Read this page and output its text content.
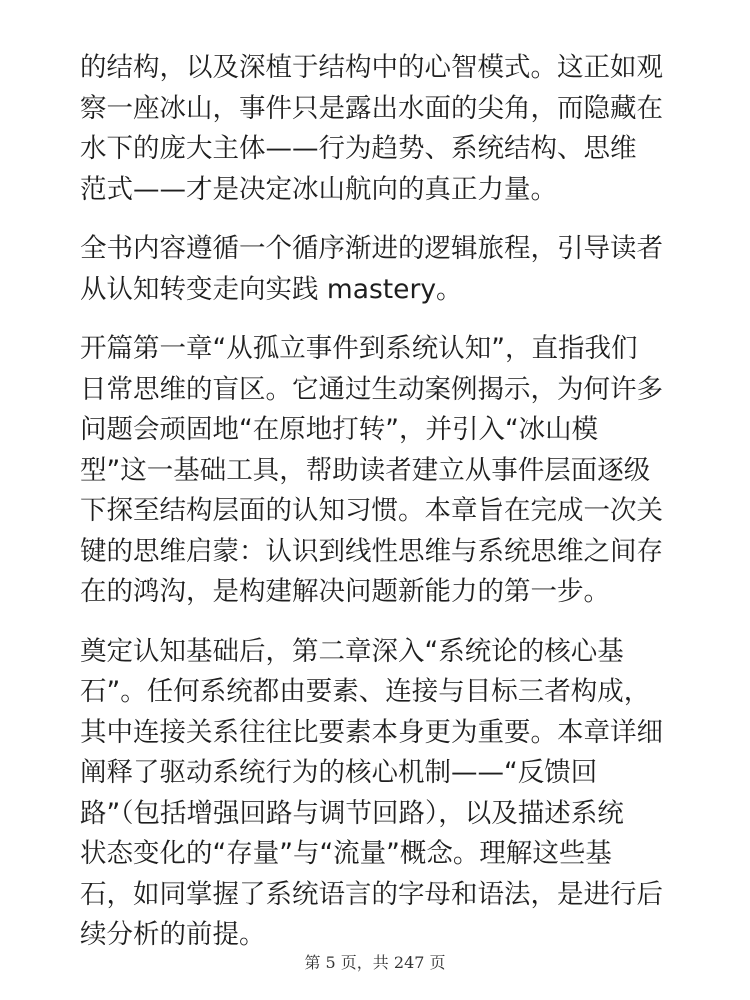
的结构，以及深植于结构中的心智模式。这正如观
察一座冰山，事件只是露出水面的尖角，而隐藏在
水下的庞大主体——行为趋势、系统结构、思维
范式——才是决定冰山航向的真正力量。

全书内容遵循一个循序渐进的逻辑旅程，引导读者
从认知转变走向实践 mastery。

开篇第一章“从孤立事件到系统认知”，直指我们
日常思维的盲区。它通过生动案例揭示，为何许多
问题会顽固地“在原地打转”，并引入“冰山模
型”这一基础工具，帮助读者建立从事件层面逐级
下探至结构层面的认知习惯。本章旨在完成一次关
键的思维启蒙：认识到线性思维与系统思维之间存
在的鸿沟，是构建解决问题新能力的第一步。

奠定认知基础后，第二章深入“系统论的核心基
石”。任何系统都由要素、连接与目标三者构成，
其中连接关系往往比要素本身更为重要。本章详细
阐释了驱动系统行为的核心机制——“反馈回
路”（包括增强回路与调节回路），以及描述系统
状态变化的“存量”与“流量”概念。理解这些基
石，如同掌握了系统语言的字母和语法，是进行后
续分析的前提。

第 5 页，共 247 页
